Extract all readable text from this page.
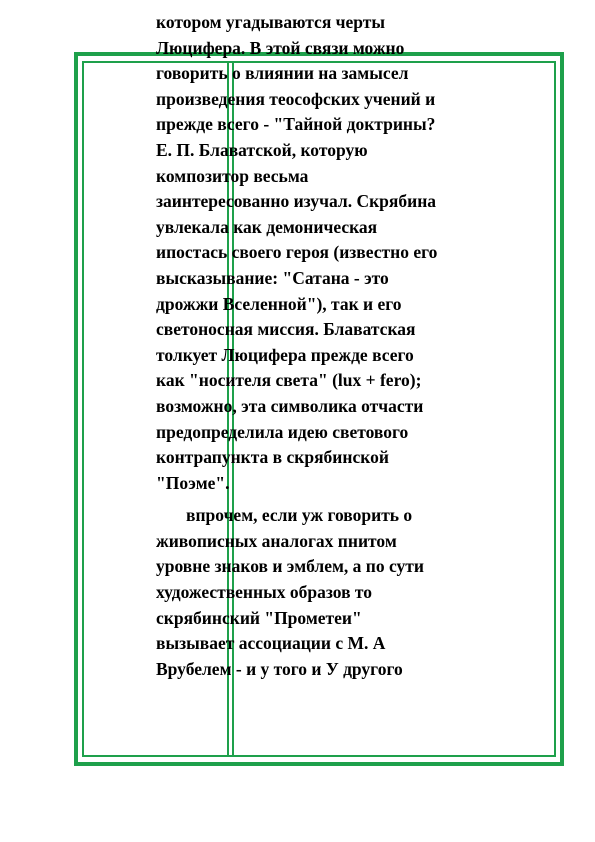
котором угадываются черты
Люцифера. В этой связи можно
говорить о влиянии на замысел
произведения теософских учений и
прежде всего - "Тайной доктрины?
Е. П. Блаватской, которую
композитор весьма
заинтересованно изучал. Скрябина
увлекала как демоническая
ипостась своего героя (известно его
высказывание: "Сатана - это
дрожжи Вселенной"), так и его
светоносная миссия. Блаватская
толкует Люцифера прежде всего
как "носителя света" (lux + fero);
возможно, эта символика отчасти
предопределила идею светового
контрапункта в скрябинской
"Поэме".
впрочем, если уж говорить о
живописных аналогах пнитом
уровне знаков и эмблем, а по сути
художественных образов то
скрябинский "Прометеи"
вызывает ассоциации с М. А
Врубелем - и у того и У другого
